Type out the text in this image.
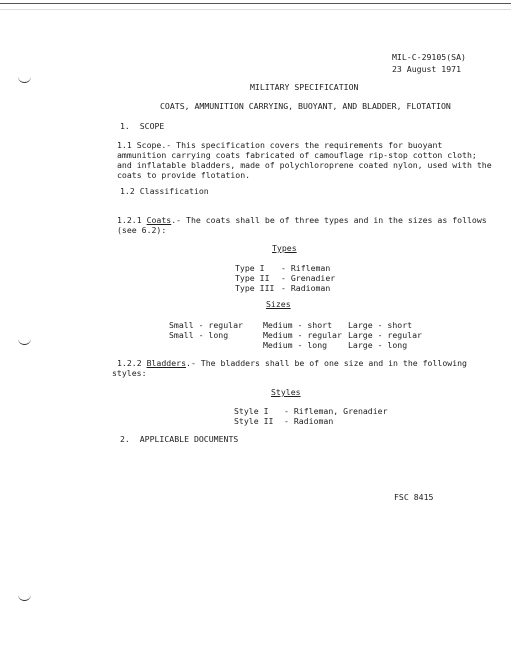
MIL-C-29105(SA)
23 August 1971
MILITARY SPECIFICATION
COATS, AMMUNITION CARRYING, BUOYANT, AND BLADDER, FLOTATION
1.  SCOPE
1.1 Scope.- This specification covers the requirements for buoyant
ammunition carrying coats fabricated of camouflage rip-stop cotton cloth;
and inflatable bladders, made of polychloroprene coated nylon, used with the
coats to provide flotation.
1.2 Classification
1.2.1 Coats.- The coats shall be of three types and in the sizes as follows
(see 6.2):
Types
Type I - Rifleman
Type II - Grenadier
Type III - Radioman
Sizes
Small - regular
Small - long
Medium - short
Medium - regular
Medium - long
Large - short
Large - regular
Large - long
1.2.2 Bladders.- The bladders shall be of one size and in the following
styles:
Styles
Style I - Rifleman, Grenadier
Style II - Radioman
2.  APPLICABLE DOCUMENTS
FSC 8415
